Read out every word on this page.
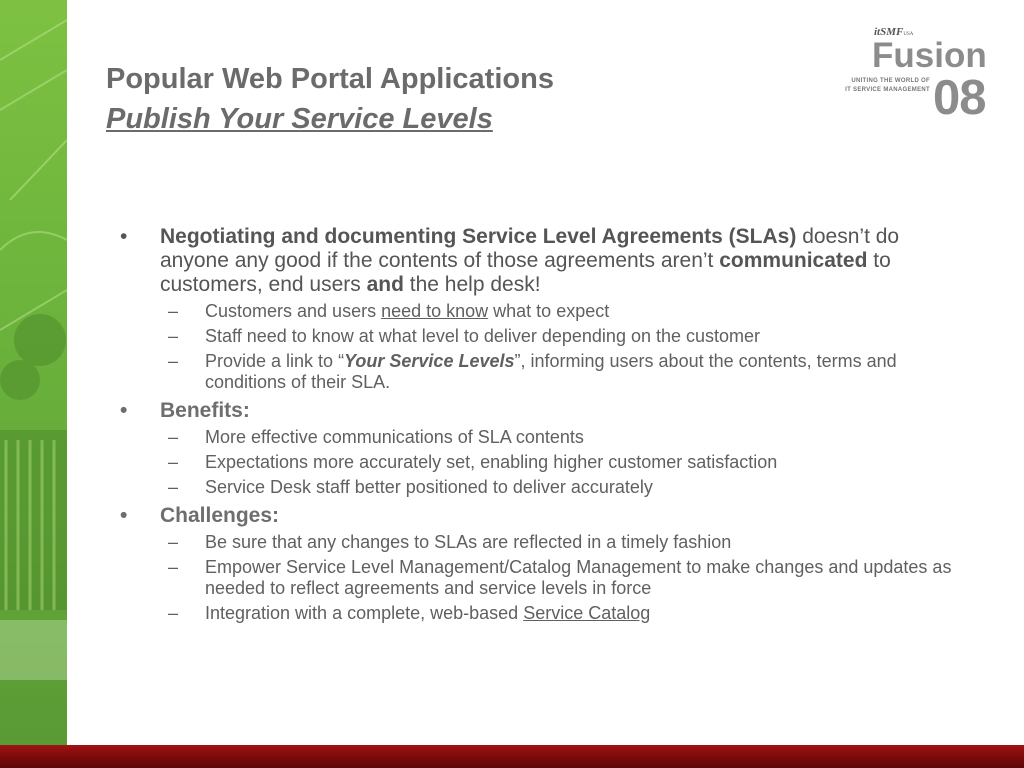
Popular Web Portal Applications
Publish Your Service Levels
itSMFUSA
Fusion
UNITING THE WORLD OF
IT SERVICE MANAGEMENT 08
• Negotiating and documenting Service Level Agreements (SLAs) doesn’t do anyone any good if the contents of those agreements aren’t communicated to customers, end users and the help desk!
– Customers and users need to know what to expect
– Staff need to know at what level to deliver depending on the customer
– Provide a link to “Your Service Levels”, informing users about the contents, terms and conditions of their SLA.
• Benefits:
– More effective communications of SLA contents
– Expectations more accurately set, enabling higher customer satisfaction
– Service Desk staff better positioned to deliver accurately
• Challenges:
– Be sure that any changes to SLAs are reflected in a timely fashion
– Empower Service Level Management/Catalog Management to make changes and updates as needed to reflect agreements and service levels in force
– Integration with a complete, web-based Service Catalog
